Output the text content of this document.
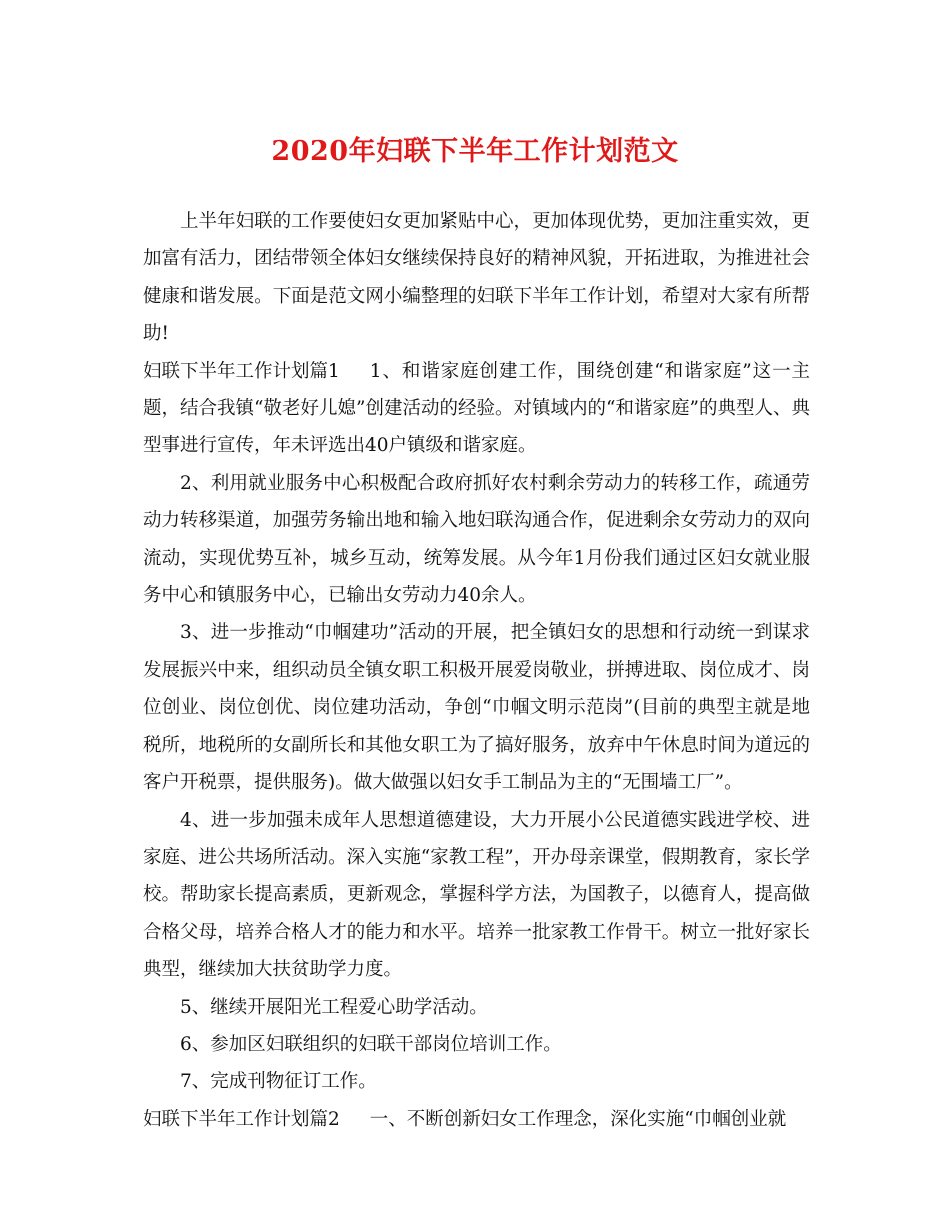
2020年妇联下半年工作计划范文

上半年妇联的工作要使妇女更加紧贴中心，更加体现优势，更加注重实效，更加富有活力，团结带领全体妇女继续保持良好的精神风貌，开拓进取，为推进社会健康和谐发展。下面是范文网小编整理的妇联下半年工作计划，希望对大家有所帮助!

妇联下半年工作计划篇1 1、和谐家庭创建工作，围绕创建“和谐家庭”这一主题，结合我镇“敬老好儿媳”创建活动的经验。对镇域内的“和谐家庭”的典型人、典型事进行宣传，年未评选出40户镇级和谐家庭。

2、利用就业服务中心积极配合政府抓好农村剩余劳动力的转移工作，疏通劳动力转移渠道，加强劳务输出地和输入地妇联沟通合作，促进剩余女劳动力的双向流动，实现优势互补，城乡互动，统筹发展。从今年1月份我们通过区妇女就业服务中心和镇服务中心，已输出女劳动力40余人。

3、进一步推动“巾帼建功”活动的开展，把全镇妇女的思想和行动统一到谋求发展振兴中来，组织动员全镇女职工积极开展爱岗敬业，拼搏进取、岗位成才、岗位创业、岗位创优、岗位建功活动，争创“巾帼文明示范岗”(目前的典型主就是地税所，地税所的女副所长和其他女职工为了搞好服务，放弃中午休息时间为道远的客户开税票，提供服务)。做大做强以妇女手工制品为主的“无围墙工厂”。

4、进一步加强未成年人思想道德建设，大力开展小公民道德实践进学校、进家庭、进公共场所活动。深入实施“家教工程”，开办母亲课堂，假期教育，家长学校。帮助家长提高素质，更新观念，掌握科学方法，为国教子，以德育人，提高做合格父母，培养合格人才的能力和水平。培养一批家教工作骨干。树立一批好家长典型，继续加大扶贫助学力度。

5、继续开展阳光工程爱心助学活动。

6、参加区妇联组织的妇联干部岗位培训工作。

7、完成刊物征订工作。

妇联下半年工作计划篇2 一、不断创新妇女工作理念，深化实施“巾帼创业就
